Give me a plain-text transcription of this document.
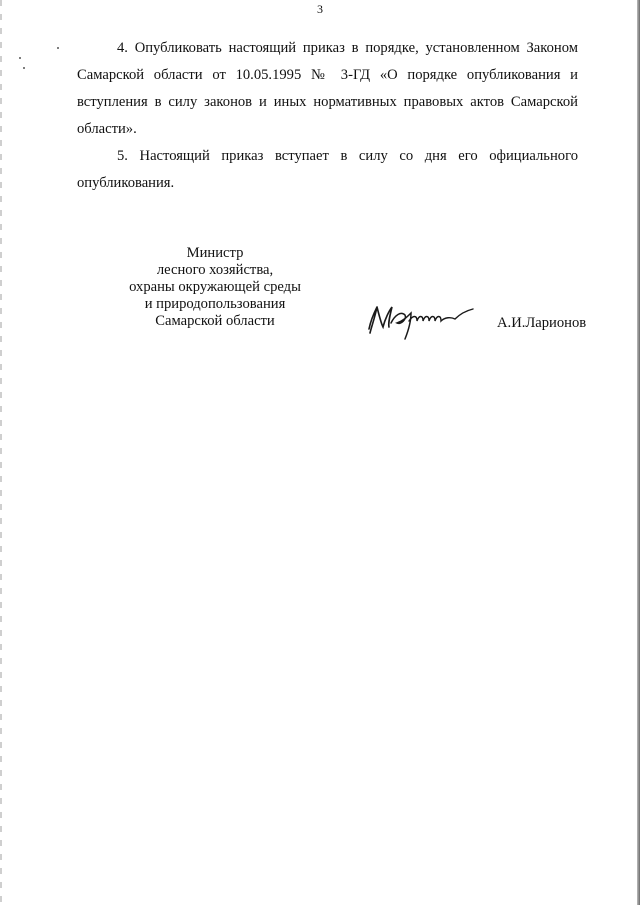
3

4. Опубликовать настоящий приказ в порядке, установленном Законом Самарской области от 10.05.1995 № 3-ГД «О порядке опубликования и вступления в силу законов и иных нормативных правовых актов Самарской области».

5. Настоящий приказ вступает в силу со дня его официального опубликования.

Министр
лесного хозяйства,
охраны окружающей среды
и природопользования
Самарской области	А.И.Ларионов
